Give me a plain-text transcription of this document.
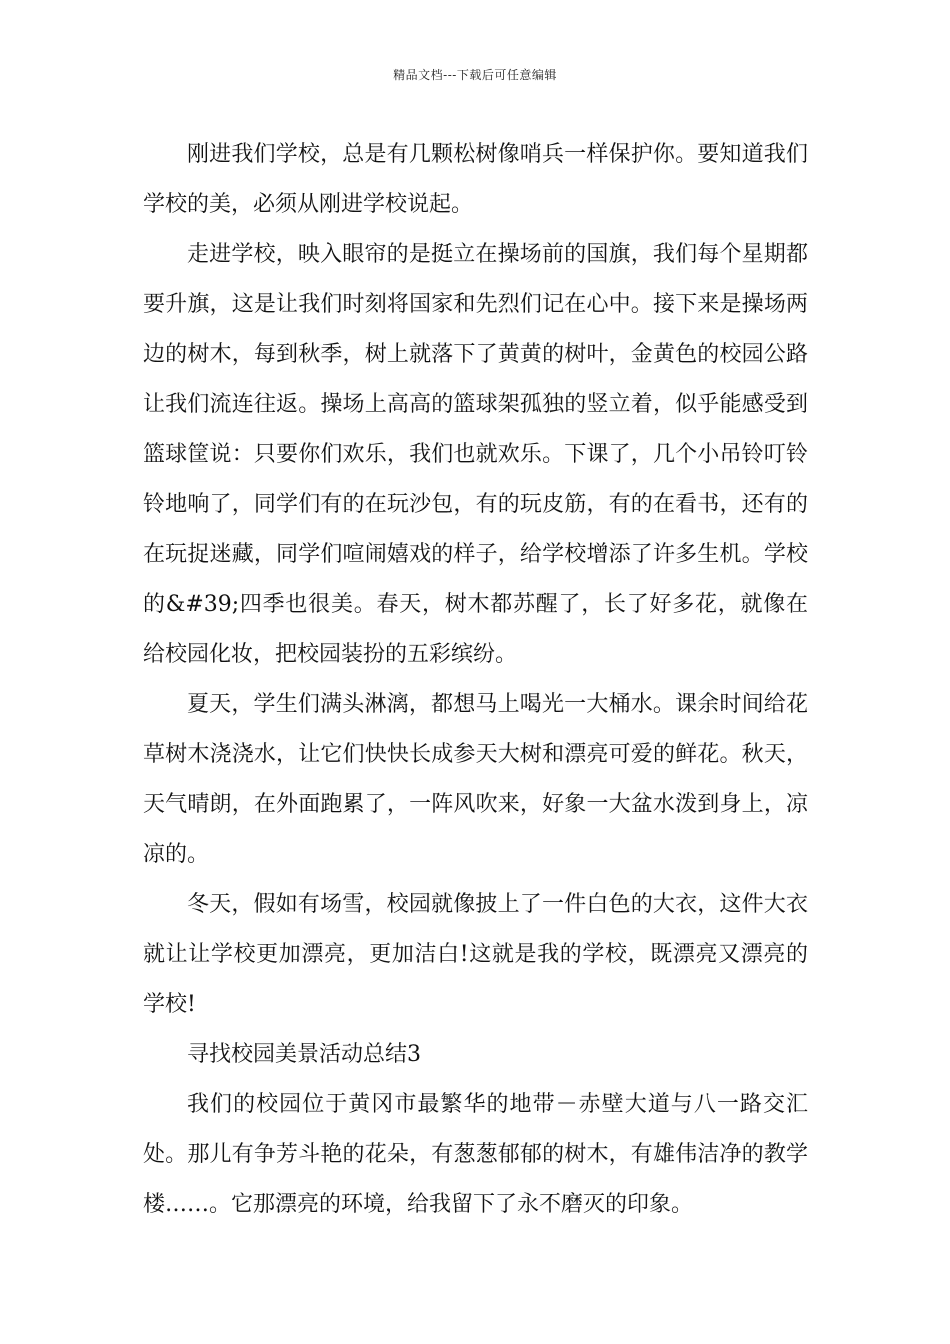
精品文档---下载后可任意编辑

刚进我们学校，总是有几颗松树像哨兵一样保护你。要知道我们学校的美，必须从刚进学校说起。

走进学校，映入眼帘的是挺立在操场前的国旗，我们每个星期都要升旗，这是让我们时刻将国家和先烈们记在心中。接下来是操场两边的树木，每到秋季，树上就落下了黄黄的树叶，金黄色的校园公路让我们流连往返。操场上高高的篮球架孤独的竖立着，似乎能感受到篮球筐说：只要你们欢乐，我们也就欢乐。下课了，几个小吊铃叮铃铃地响了，同学们有的在玩沙包，有的玩皮筋，有的在看书，还有的在玩捉迷藏，同学们喧闹嬉戏的样子，给学校增添了许多生机。学校的&#39;四季也很美。春天，树木都苏醒了，长了好多花，就像在给校园化妆，把校园装扮的五彩缤纷。

夏天，学生们满头淋漓，都想马上喝光一大桶水。课余时间给花草树木浇浇水，让它们快快长成参天大树和漂亮可爱的鲜花。秋天，天气晴朗，在外面跑累了，一阵风吹来，好象一大盆水泼到身上，凉凉的。

冬天，假如有场雪，校园就像披上了一件白色的大衣，这件大衣就让让学校更加漂亮，更加洁白!这就是我的学校，既漂亮又漂亮的学校!

寻找校园美景活动总结3

我们的校园位于黄冈市最繁华的地带－赤壁大道与八一路交汇处。那儿有争芳斗艳的花朵，有葱葱郁郁的树木，有雄伟洁净的教学楼……。它那漂亮的环境，给我留下了永不磨灭的印象。
